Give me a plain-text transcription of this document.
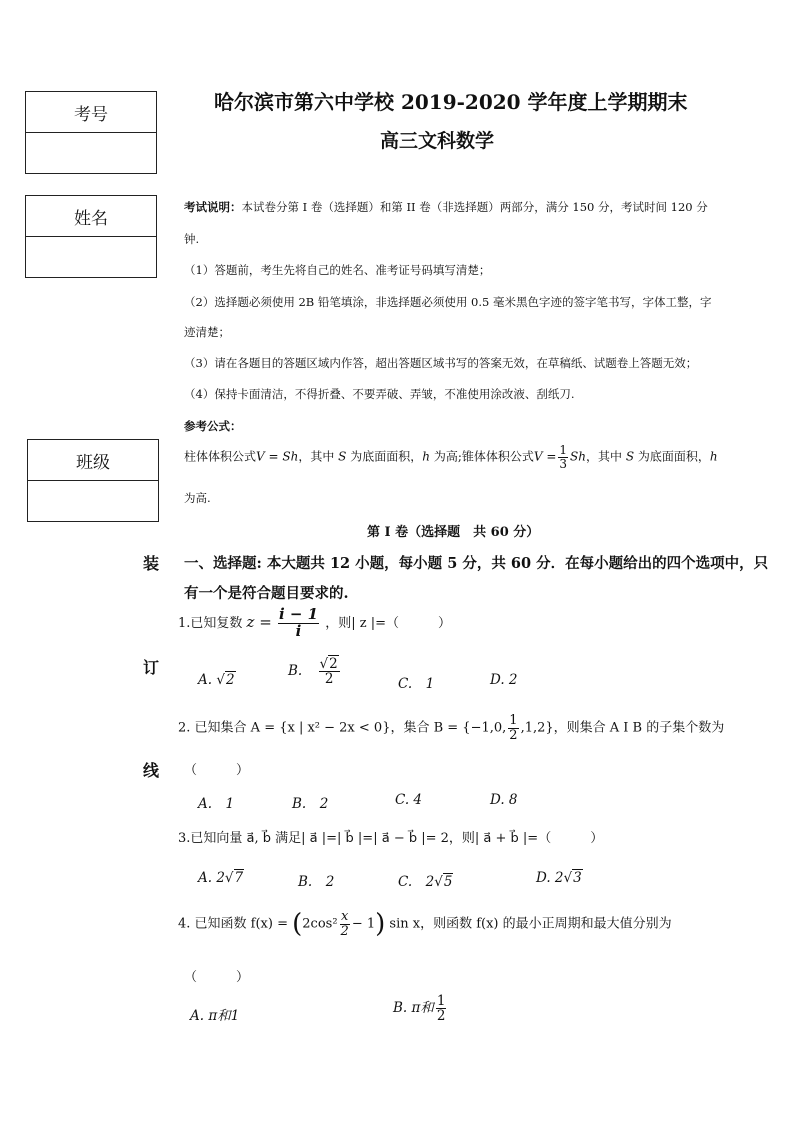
哈尔滨市第六中学校 2019-2020 学年度上学期期末
高三文科数学
考号
姓名
班级
装
订
线
考试说明：本试卷分第 I 卷（选择题）和第 II 卷（非选择题）两部分，满分 150 分，考试时间 120 分
钟.
（1）答题前，考生先将自己的姓名、准考证号码填写清楚；
（2）选择题必须使用 2B 铅笔填涂，非选择题必须使用 0.5 毫米黑色字迹的签字笔书写，字体工整，字
迹清楚；
（3）请在各题目的答题区域内作答，超出答题区域书写的答案无效，在草稿纸、试题卷上答题无效；
（4）保持卡面清洁，不得折叠、不要弄破、弄皱，不准使用涂改液、刮纸刀.
参考公式：
柱体体积公式V = Sh，其中 S 为底面面积，h 为高;锥体体积公式$V = \frac{1}{3}$ Sh，其中 S 为底面面积，h
为高.
第 I 卷（选择题　共 60 分）
一、选择题: 本大题共 12 小题，每小题 5 分，共 60 分．在每小题给出的四个选项中，只
有一个是符合题目要求的.
1.已知复数 $z = \frac{i - 1}{i}$ ，则| z |=（　　　）
A. √2
B. $\frac{√2}{2}$	C.　1	D. 2
2. 已知集合 A = {x | x² − 2x < 0}，集合 B = {−1,0, $\frac{1}{2} ,1,2$}，则集合 A I B 的子集个数为
（　　　）
A.　1	B.　2	C. 4	D. 8
3.已知向量 a⃗, b⃗ 满足| a⃗ |=| b⃗ |=| a⃗ − b⃗ |= 2，则| a⃗ + b⃗ |=（　　　）
A. 2√7	B.　2	C.　2√5	D. 2√3
4. 已知函数 $f(x) = (2\cos^2 \frac{x}{2} - 1)$ sin x，则函数 f(x) 的最小正周期和最大值分别为
（　　　）
A. π和1	B. π和 $\frac{1}{2}$
